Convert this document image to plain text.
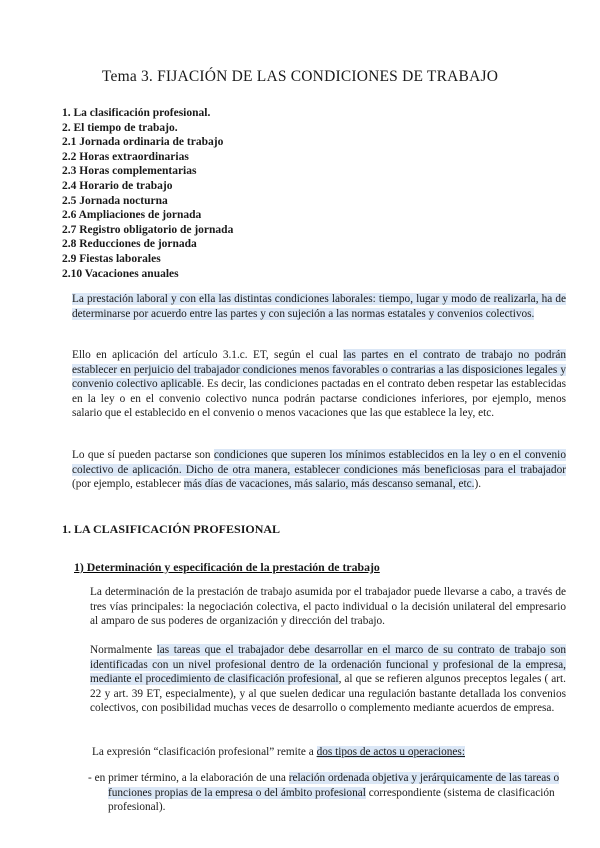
Tema 3. FIJACIÓN DE LAS CONDICIONES DE TRABAJO
1. La clasificación profesional.
2. El tiempo de trabajo.
2.1 Jornada ordinaria de trabajo
2.2 Horas extraordinarias
2.3 Horas complementarias
2.4 Horario de trabajo
2.5 Jornada nocturna
2.6 Ampliaciones de jornada
2.7 Registro obligatorio de jornada
2.8 Reducciones de jornada
2.9 Fiestas laborales
2.10 Vacaciones anuales
La prestación laboral y con ella las distintas condiciones laborales: tiempo, lugar y modo de realizarla, ha de determinarse por acuerdo entre las partes y con sujeción a las normas estatales y convenios colectivos.
Ello en aplicación del artículo 3.1.c. ET, según el cual las partes en el contrato de trabajo no podrán establecer en perjuicio del trabajador condiciones menos favorables o contrarias a las disposiciones legales y convenio colectivo aplicable. Es decir, las condiciones pactadas en el contrato deben respetar las establecidas en la ley o en el convenio colectivo nunca podrán pactarse condiciones inferiores, por ejemplo, menos salario que el establecido en el convenio o menos vacaciones que las que establece la ley, etc.
Lo que sí pueden pactarse son condiciones que superen los mínimos establecidos en la ley o en el convenio colectivo de aplicación. Dicho de otra manera, establecer condiciones más beneficiosas para el trabajador (por ejemplo, establecer más días de vacaciones, más salario, más descanso semanal, etc.).
1. LA CLASIFICACIÓN PROFESIONAL
1) Determinación y especificación de la prestación de trabajo
La determinación de la prestación de trabajo asumida por el trabajador puede llevarse a cabo, a través de tres vías principales: la negociación colectiva, el pacto individual o la decisión unilateral del empresario al amparo de sus poderes de organización y dirección del trabajo.
Normalmente las tareas que el trabajador debe desarrollar en el marco de su contrato de trabajo son identificadas con un nivel profesional dentro de la ordenación funcional y profesional de la empresa, mediante el procedimiento de clasificación profesional, al que se refieren algunos preceptos legales ( art. 22 y art. 39 ET, especialmente), y al que suelen dedicar una regulación bastante detallada los convenios colectivos, con posibilidad muchas veces de desarrollo o complemento mediante acuerdos de empresa.
La expresión “clasificación profesional” remite a dos tipos de actos u operaciones:
- en primer término, a la elaboración de una relación ordenada objetiva y jerárquicamente de las tareas o funciones propias de la empresa o del ámbito profesional correspondiente (sistema de clasificación profesional).
